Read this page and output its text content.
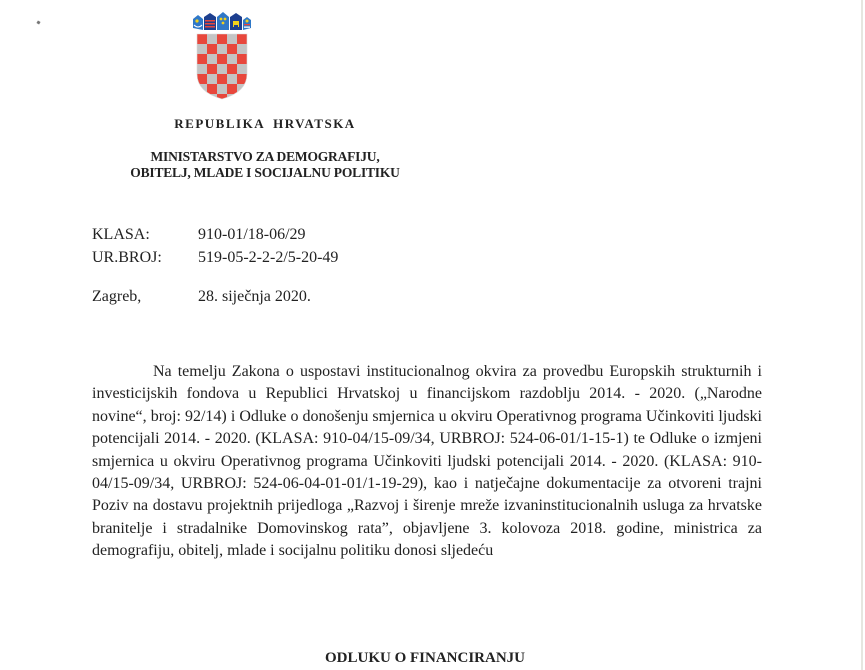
REPUBLIKA HRVATSKA
MINISTARSTVO ZA DEMOGRAFIJU,
OBITELJ, MLADE I SOCIJALNU POLITIKU
KLASA:	910-01/18-06/29
UR.BROJ: 519-05-2-2-2/5-20-49
Zagreb,	28. siječnja 2020.

Na temelju Zakona o uspostavi institucionalnog okvira za provedbu Europskih strukturnih i investicijskih fondova u Republici Hrvatskoj u financijskom razdoblju 2014. - 2020. („Narodne novine“, broj: 92/14) i Odluke o donošenju smjernica u okviru Operativnog programa Učinkoviti ljudski potencijali 2014. - 2020. (KLASA: 910-04/15-09/34, URBROJ: 524-06-01/1-15-1) te Odluke o izmjeni smjernica u okviru Operativnog programa Učinkoviti ljudski potencijali 2014. - 2020. (KLASA: 910-04/15-09/34, URBROJ: 524-06-04-01-01/1-19-29), kao i natječajne dokumentacije za otvoreni trajni Poziv na dostavu projektnih prijedloga „Razvoj i širenje mreže izvaninstitucionalnih usluga za hrvatske branitelje i stradalnike Domovinskog rata”, objavljene 3. kolovoza 2018. godine, ministrica za demografiju, obitelj, mlade i socijalnu politiku donosi sljedeću

ODLUKU O FINANCIRANJU
